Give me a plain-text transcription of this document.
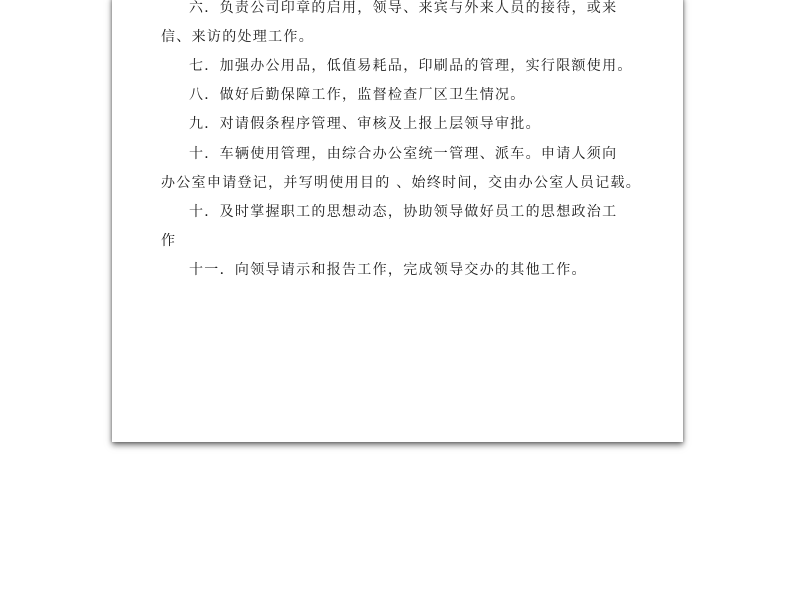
六．负责公司印章的启用，领导、来宾与外来人员的接待，或来
信、来访的处理工作。
七．加强办公用品，低值易耗品，印刷品的管理，实行限额使用。
八．做好后勤保障工作，监督检查厂区卫生情况。
九．对请假条程序管理、审核及上报上层领导审批。
十．车辆使用管理，由综合办公室统一管理、派车。申请人须向
办公室申请登记，并写明使用目的 、始终时间，交由办公室人员记载。
十．及时掌握职工的思想动态，协助领导做好员工的思想政治工
作
十一．向领导请示和报告工作，完成领导交办的其他工作。
